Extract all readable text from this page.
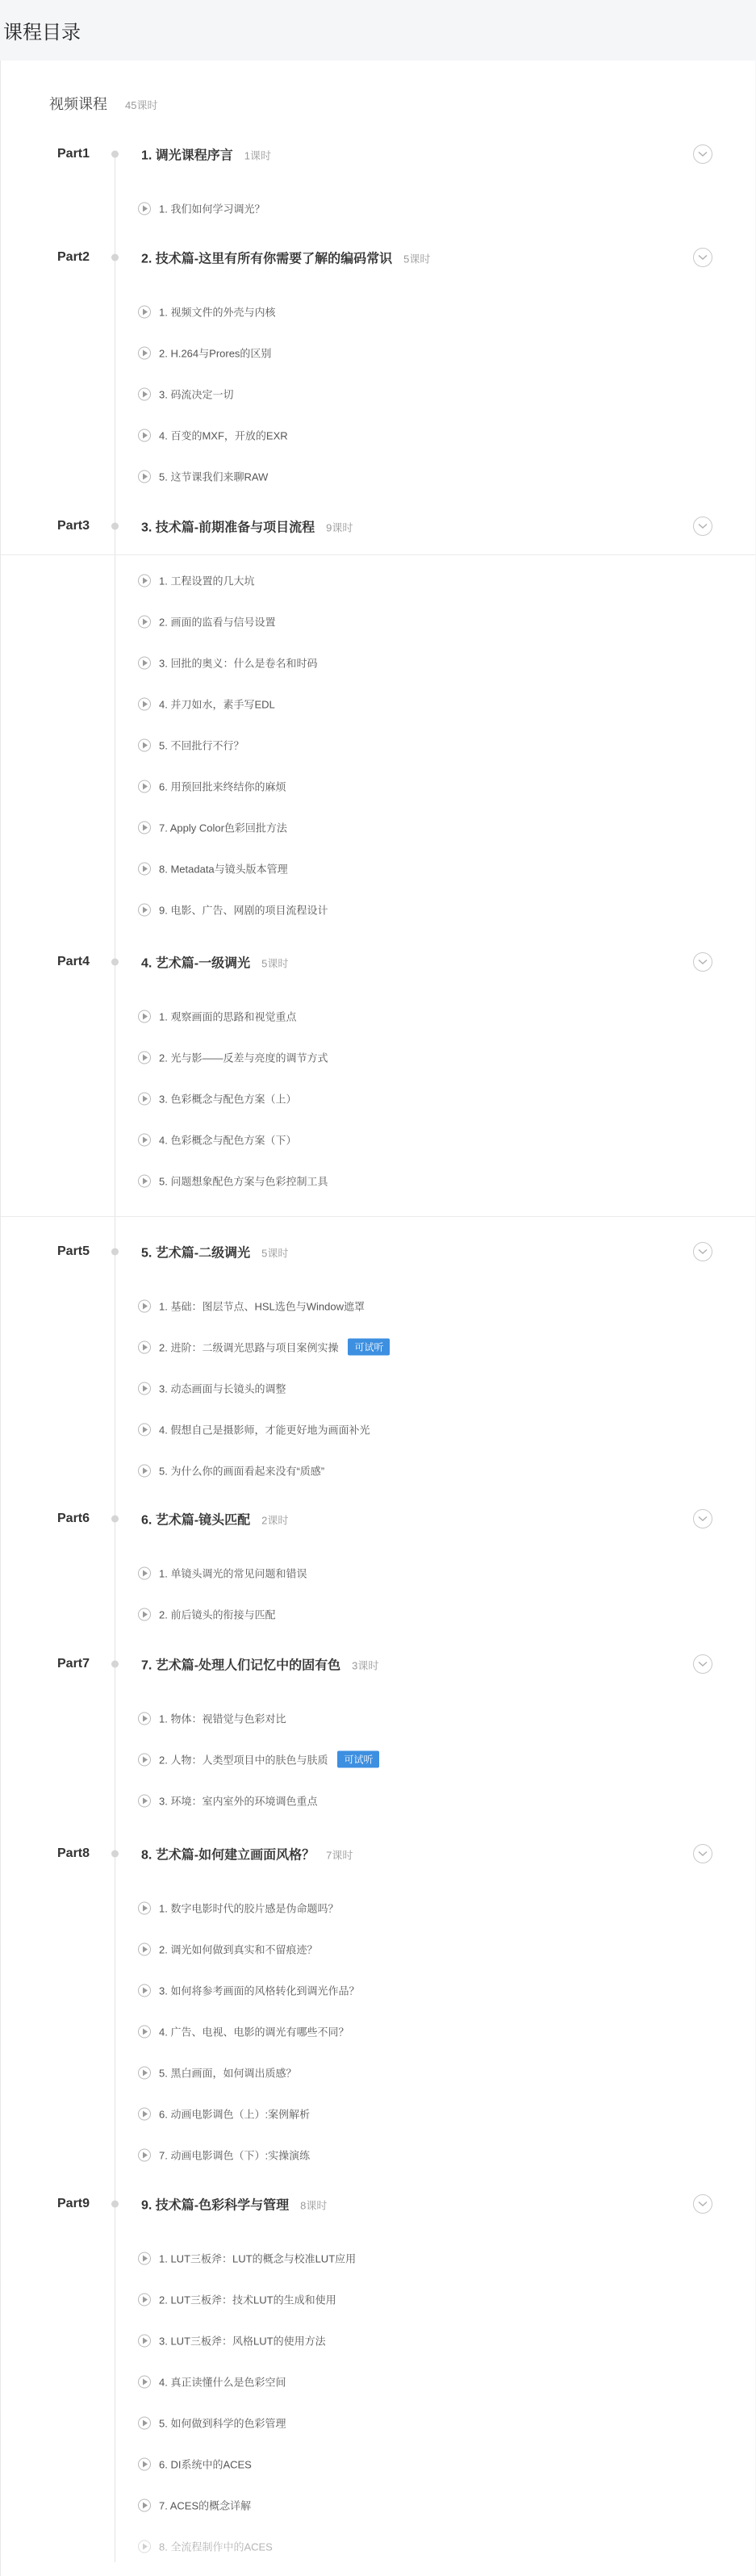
课程目录
视频课程 45课时
Part1	1. 调光课程序言 1课时
1. 我们如何学习调光？
Part2	2. 技术篇-这里有所有你需要了解的编码常识 5课时
1. 视频文件的外壳与内核
2. H.264与Prores的区别
3. 码流决定一切
4. 百变的MXF，开放的EXR
5. 这节课我们来聊RAW
Part3	3. 技术篇-前期准备与项目流程 9课时
1. 工程设置的几大坑
2. 画面的监看与信号设置
3. 回批的奥义：什么是卷名和时码
4. 并刀如水，素手写EDL
5. 不回批行不行？
6. 用预回批来终结你的麻烦
7. Apply Color色彩回批方法
8. Metadata与镜头版本管理
9. 电影、广告、网剧的项目流程设计
Part4	4. 艺术篇-一级调光 5课时
1. 观察画面的思路和视觉重点
2. 光与影——反差与亮度的调节方式
3. 色彩概念与配色方案（上）
4. 色彩概念与配色方案（下）
5. 问题想象配色方案与色彩控制工具
Part5	5. 艺术篇-二级调光 5课时
1. 基础：图层节点、HSL选色与Window遮罩
2. 进阶：二级调光思路与项目案例实操	可试听
3. 动态画面与长镜头的调整
4. 假想自己是摄影师，才能更好地为画面补光
5. 为什么你的画面看起来没有“质感”
Part6	6. 艺术篇-镜头匹配 2课时
1. 单镜头调光的常见问题和错误
2. 前后镜头的衔接与匹配
Part7	7. 艺术篇-处理人们记忆中的固有色 3课时
1. 物体：视错觉与色彩对比
2. 人物：人类型项目中的肤色与肤质	可试听
3. 环境：室内室外的环境调色重点
Part8	8. 艺术篇-如何建立画面风格？ 7课时
1. 数字电影时代的胶片感是伪命题吗？
2. 调光如何做到真实和不留痕迹？
3. 如何将参考画面的风格转化到调光作品？
4. 广告、电视、电影的调光有哪些不同？
5. 黑白画面，如何调出质感？
6. 动画电影调色（上）:案例解析
7. 动画电影调色（下）:实操演练
Part9	9. 技术篇-色彩科学与管理 8课时
1. LUT三板斧：LUT的概念与校准LUT应用
2. LUT三板斧：技术LUT的生成和使用
3. LUT三板斧：风格LUT的使用方法
4. 真正读懂什么是色彩空间
5. 如何做到科学的色彩管理
6. DI系统中的ACES
7. ACES的概念详解
8. 全流程制作中的ACES
